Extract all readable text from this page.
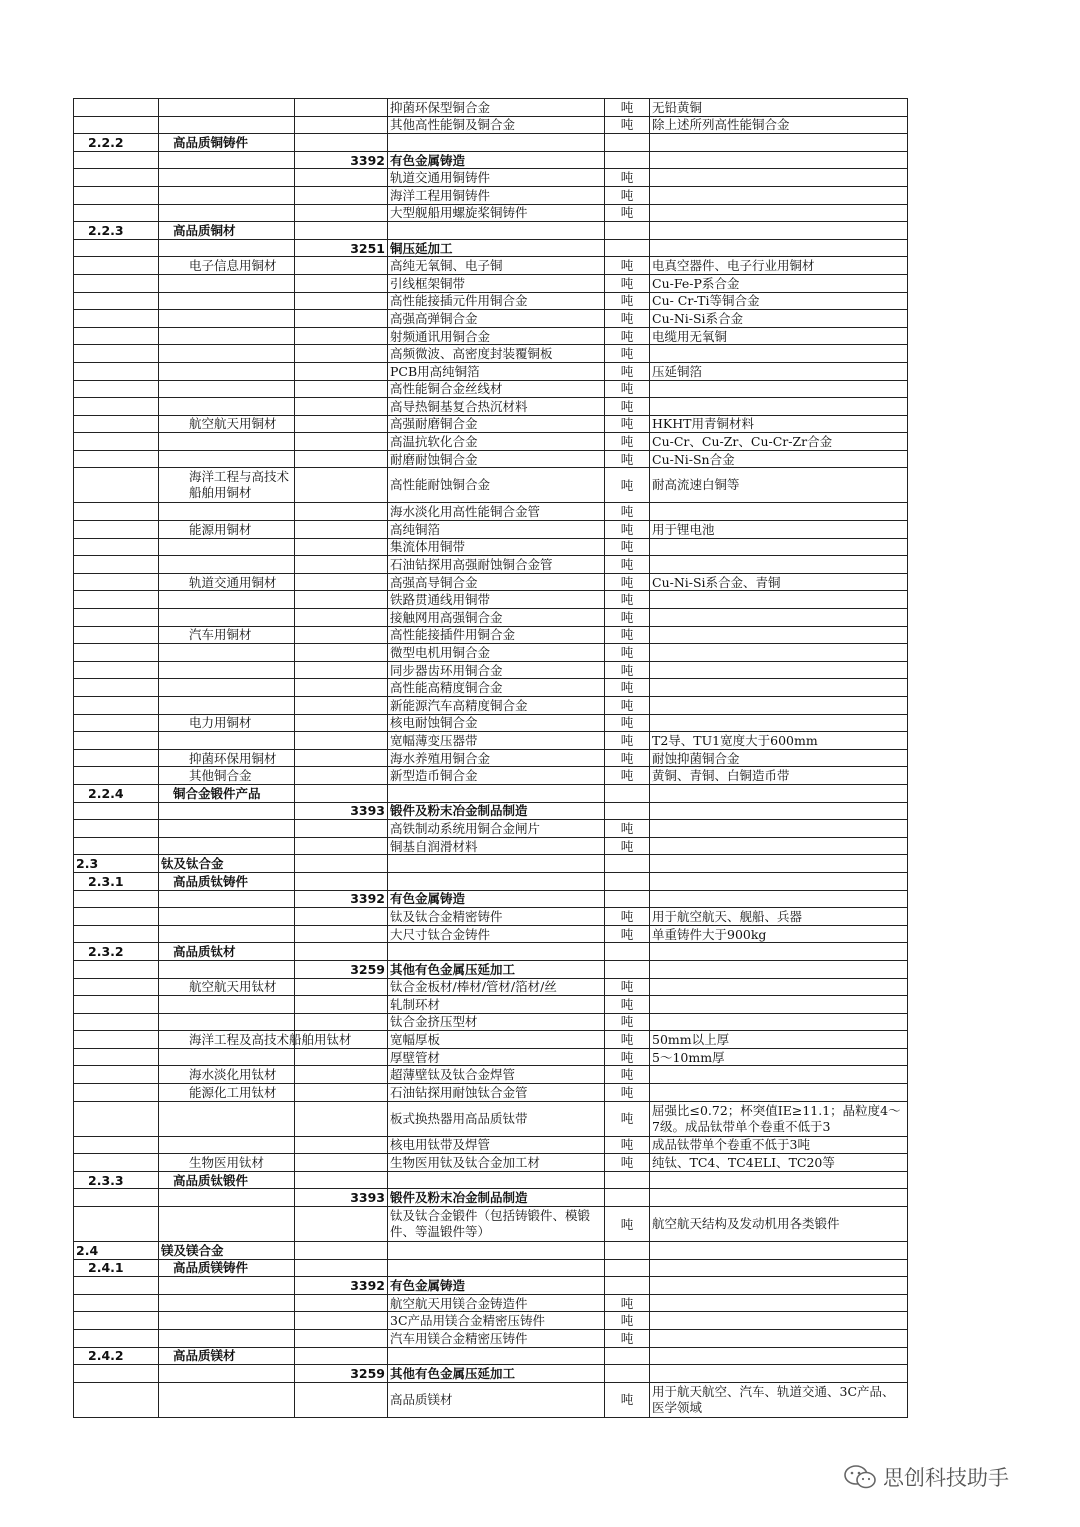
			抑菌环保型铜合金	吨	无铅黄铜
			其他高性能铜及铜合金	吨	除上述所列高性能铜合金
2.2.2	高品质铜铸件				
		3392	有色金属铸造		
			轨道交通用铜铸件	吨	
			海洋工程用铜铸件	吨	
			大型舰船用螺旋桨铜铸件	吨	
2.2.3	高品质铜材				
		3251	铜压延加工		
	电子信息用铜材		高纯无氧铜、电子铜	吨	电真空器件、电子行业用铜材
			引线框架铜带	吨	Cu-Fe-P系合金
			高性能接插元件用铜合金	吨	Cu- Cr-Ti等铜合金
			高强高弹铜合金	吨	Cu-Ni-Si系合金
			射频通讯用铜合金	吨	电缆用无氧铜
			高频微波、高密度封装覆铜板	吨	
			PCB用高纯铜箔	吨	压延铜箔
			高性能铜合金丝线材	吨	
			高导热铜基复合热沉材料	吨	
	航空航天用铜材		高强耐磨铜合金	吨	HKHT用青铜材料
			高温抗软化合金	吨	Cu-Cr、Cu-Zr、Cu-Cr-Zr合金
			耐磨耐蚀铜合金	吨	Cu-Ni-Sn合金
	海洋工程与高技术船舶用铜材		高性能耐蚀铜合金	吨	耐高流速白铜等
			海水淡化用高性能铜合金管	吨	
	能源用铜材		高纯铜箔	吨	用于锂电池
			集流体用铜带	吨	
			石油钻探用高强耐蚀铜合金管	吨	
	轨道交通用铜材		高强高导铜合金	吨	Cu-Ni-Si系合金、青铜
			铁路贯通线用铜带	吨	
			接触网用高强铜合金	吨	
	汽车用铜材		高性能接插件用铜合金	吨	
			微型电机用铜合金	吨	
			同步器齿环用铜合金	吨	
			高性能高精度铜合金	吨	
			新能源汽车高精度铜合金	吨	
	电力用铜材		核电耐蚀铜合金	吨	
			宽幅薄变压器带	吨	T2导、TU1宽度大于600mm
	抑菌环保用铜材		海水养殖用铜合金	吨	耐蚀抑菌铜合金
	其他铜合金		新型造币铜合金	吨	黄铜、青铜、白铜造币带
2.2.4	铜合金锻件产品				
		3393	锻件及粉末冶金制品制造		
			高铁制动系统用铜合金闸片	吨	
			铜基自润滑材料	吨	
2.3	钛及钛合金				
2.3.1	高品质钛铸件				
		3392	有色金属铸造		
			钛及钛合金精密铸件	吨	用于航空航天、舰船、兵器
			大尺寸钛合金铸件	吨	单重铸件大于900kg
2.3.2	高品质钛材				
		3259	其他有色金属压延加工		
	航空航天用钛材		钛合金板材/棒材/管材/箔材/丝	吨	
			轧制环材	吨	
			钛合金挤压型材	吨	
	海洋工程及高技术船舶用钛材		宽幅厚板	吨	50mm以上厚
			厚壁管材	吨	5～10mm厚
	海水淡化用钛材		超薄壁钛及钛合金焊管	吨	
	能源化工用钛材		石油钻探用耐蚀钛合金管	吨	
			板式换热器用高品质钛带	吨	屈强比≤0.72；杯突值IE≥11.1；晶粒度4～7级。成品钛带单个卷重不低于3
			核电用钛带及焊管	吨	成品钛带单个卷重不低于3吨
	生物医用钛材		生物医用钛及钛合金加工材	吨	纯钛、TC4、TC4ELI、TC20等
2.3.3	高品质钛锻件				
		3393	锻件及粉末冶金制品制造		
			钛及钛合金锻件（包括铸锻件、模锻件、等温锻件等）	吨	航空航天结构及发动机用各类锻件
2.4	镁及镁合金				
2.4.1	高品质镁铸件				
		3392	有色金属铸造		
			航空航天用镁合金铸造件	吨	
			3C产品用镁合金精密压铸件	吨	
			汽车用镁合金精密压铸件	吨	
2.4.2	高品质镁材				
		3259	其他有色金属压延加工		
			高品质镁材	吨	用于航天航空、汽车、轨道交通、3C产品、医学领域
思创科技助手
